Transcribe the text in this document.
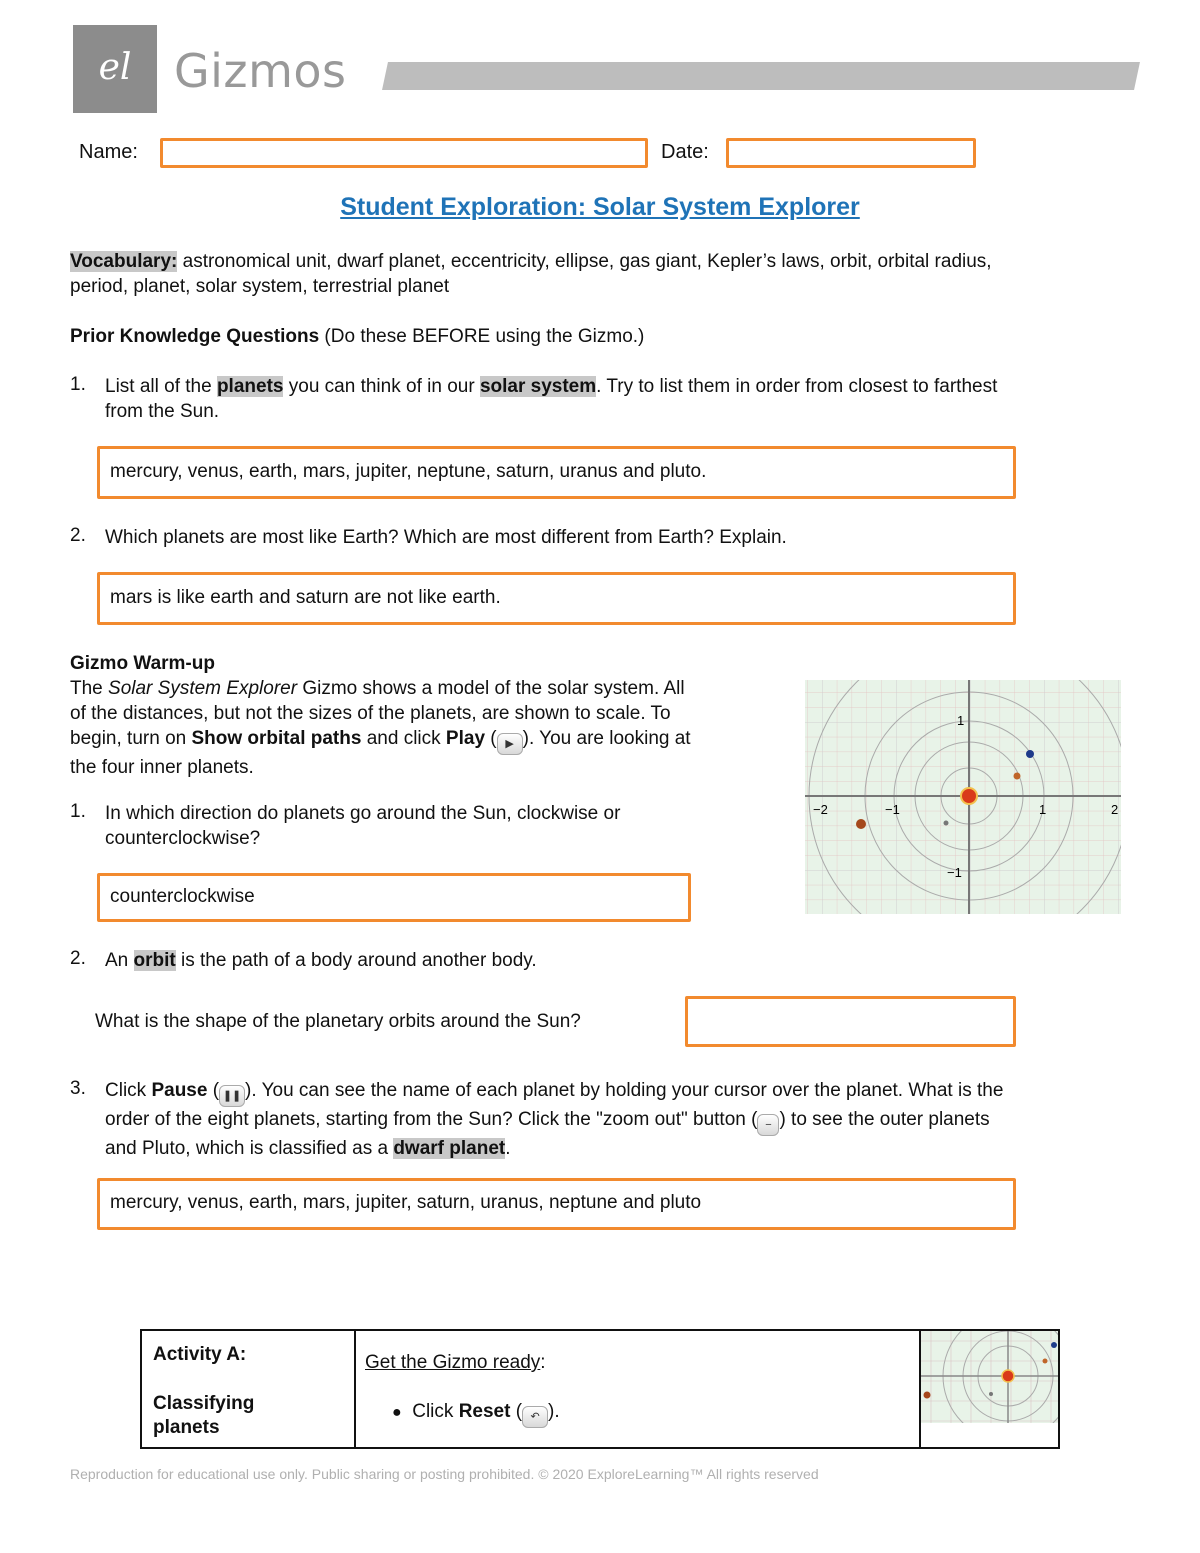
el Gizmos
Name:	Date:
Student Exploration: Solar System Explorer
Vocabulary: astronomical unit, dwarf planet, eccentricity, ellipse, gas giant, Kepler’s laws, orbit, orbital radius,
period, planet, solar system, terrestrial planet
Prior Knowledge Questions (Do these BEFORE using the Gizmo.)
1. List all of the planets you can think of in our solar system. Try to list them in order from closest to farthest
from the Sun.
mercury, venus, earth, mars, jupiter, neptune, saturn, uranus and pluto.
2. Which planets are most like Earth? Which are most different from Earth? Explain.
mars is like earth and saturn are not like earth.
Gizmo Warm-up
The Solar System Explorer Gizmo shows a model of the solar system. All
of the distances, but not the sizes of the planets, are shown to scale. To
begin, turn on Show orbital paths and click Play ( ▶ ). You are looking at
the four inner planets.
−2	−1	1	2
1
−1
1. In which direction do planets go around the Sun, clockwise or
counterclockwise?
counterclockwise
2. An orbit is the path of a body around another body.
What is the shape of the planetary orbits around the Sun?
3. Click Pause ( ❚❚ ). You can see the name of each planet by holding your cursor over the planet. What is the
order of the eight planets, starting from the Sun? Click the "zoom out" button ( − ) to see the outer planets
and Pluto, which is classified as a dwarf planet.
mercury, venus, earth, mars, jupiter, saturn, uranus, neptune and pluto
Activity A:
Classifying
planets
Get the Gizmo ready:
● Click Reset ( ↶ ).
Reproduction for educational use only. Public sharing or posting prohibited. © 2020 ExploreLearning™ All rights reserved
